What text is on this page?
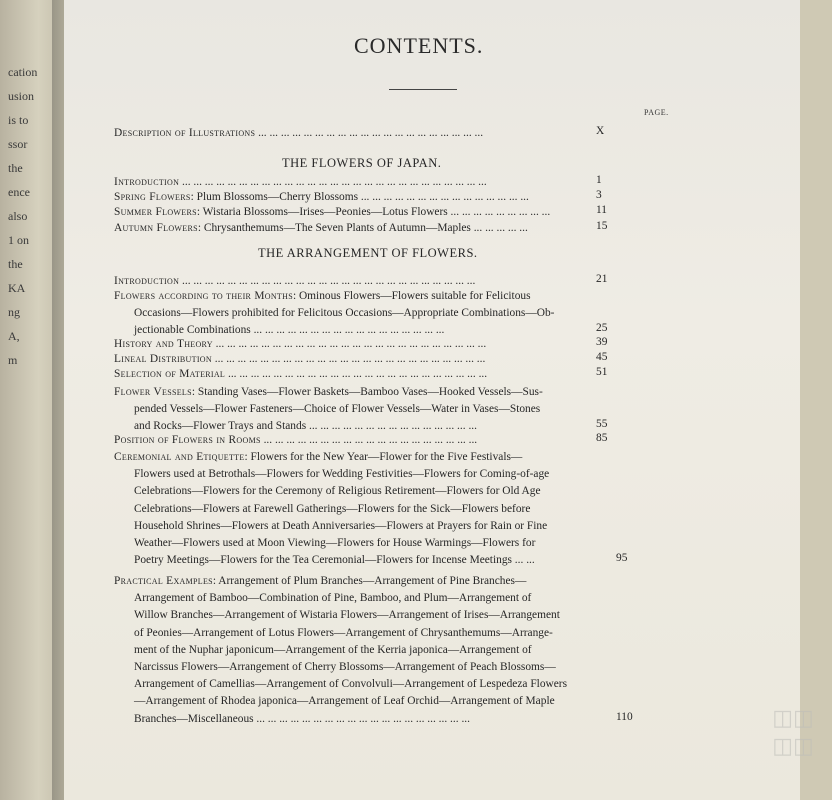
cation
usion
is to
ssor
the
ence
also
1 on
the
KA
ng
A,
m
CONTENTS.
PAGE.
Description of Illustrations ... ... ... ... ... ... ... ... ... ... ... ... ... ... ... ... ... ... ... ...	X
THE FLOWERS OF JAPAN.
Introduction ... ... ... ... ... ... ... ... ... ... ... ... ... ... ... ... ... ... ... ... ... ... ... ... ... ... ...	1
Spring Flowers: Plum Blossoms—Cherry Blossoms ... ... ... ... ... ... ... ... ... ... ... ... ... ... ...	3
Summer Flowers: Wistaria Blossoms—Irises—Peonies—Lotus Flowers ... ... ... ... ... ... ... ... ...	11
Autumn Flowers: Chrysanthemums—The Seven Plants of Autumn—Maples ... ... ... ... ...	15
THE ARRANGEMENT OF FLOWERS.
Introduction ... ... ... ... ... ... ... ... ... ... ... ... ... ... ... ... ... ... ... ... ... ... ... ... ... ...	21
Flowers according to their Months: Ominous Flowers—Flowers suitable for Felicitous
Occasions—Flowers prohibited for Felicitous Occasions—Appropriate Combinations—Ob-
jectionable Combinations ... ... ... ... ... ... ... ... ... ... ... ... ... ... ... ... ...	25
History and Theory ... ... ... ... ... ... ... ... ... ... ... ... ... ... ... ... ... ... ... ... ... ... ... ...	39
Lineal Distribution ... ... ... ... ... ... ... ... ... ... ... ... ... ... ... ... ... ... ... ... ... ... ... ...	45
Selection of Material ... ... ... ... ... ... ... ... ... ... ... ... ... ... ... ... ... ... ... ... ... ... ...	51
Flower Vessels: Standing Vases—Flower Baskets—Bamboo Vases—Hooked Vessels—Sus-
pended Vessels—Flower Fasteners—Choice of Flower Vessels—Water in Vases—Stones
and Rocks—Flower Trays and Stands ... ... ... ... ... ... ... ... ... ... ... ... ... ... ...	55
Position of Flowers in Rooms ... ... ... ... ... ... ... ... ... ... ... ... ... ... ... ... ... ... ...	85
Ceremonial and Etiquette: Flowers for the New Year—Flower for the Five Festivals—
Flowers used at Betrothals—Flowers for Wedding Festivities—Flowers for Coming-of-age
Celebrations—Flowers for the Ceremony of Religious Retirement—Flowers for Old Age
Celebrations—Flowers at Farewell Gatherings—Flowers for the Sick—Flowers before
Household Shrines—Flowers at Death Anniversaries—Flowers at Prayers for Rain or Fine
Weather—Flowers used at Moon Viewing—Flowers for House Warmings—Flowers for
Poetry Meetings—Flowers for the Tea Ceremonial—Flowers for Incense Meetings ... ...	95
Practical Examples: Arrangement of Plum Branches—Arrangement of Pine Branches—
Arrangement of Bamboo—Combination of Pine, Bamboo, and Plum—Arrangement of
Willow Branches—Arrangement of Wistaria Flowers—Arrangement of Irises—Arrangement
of Peonies—Arrangement of Lotus Flowers—Arrangement of Chrysanthemums—Arrange-
ment of the Nuphar japonicum—Arrangement of the Kerria japonica—Arrangement of
Narcissus Flowers—Arrangement of Cherry Blossoms—Arrangement of Peach Blossoms—
Arrangement of Camellias—Arrangement of Convolvuli—Arrangement of Lespedeza Flowers
—Arrangement of Rhodea japonica—Arrangement of Leaf Orchid—Arrangement of Maple
Branches—Miscellaneous ... ... ... ... ... ... ... ... ... ... ... ... ... ... ... ... ... ... ...	110	◫◫
◫◫
